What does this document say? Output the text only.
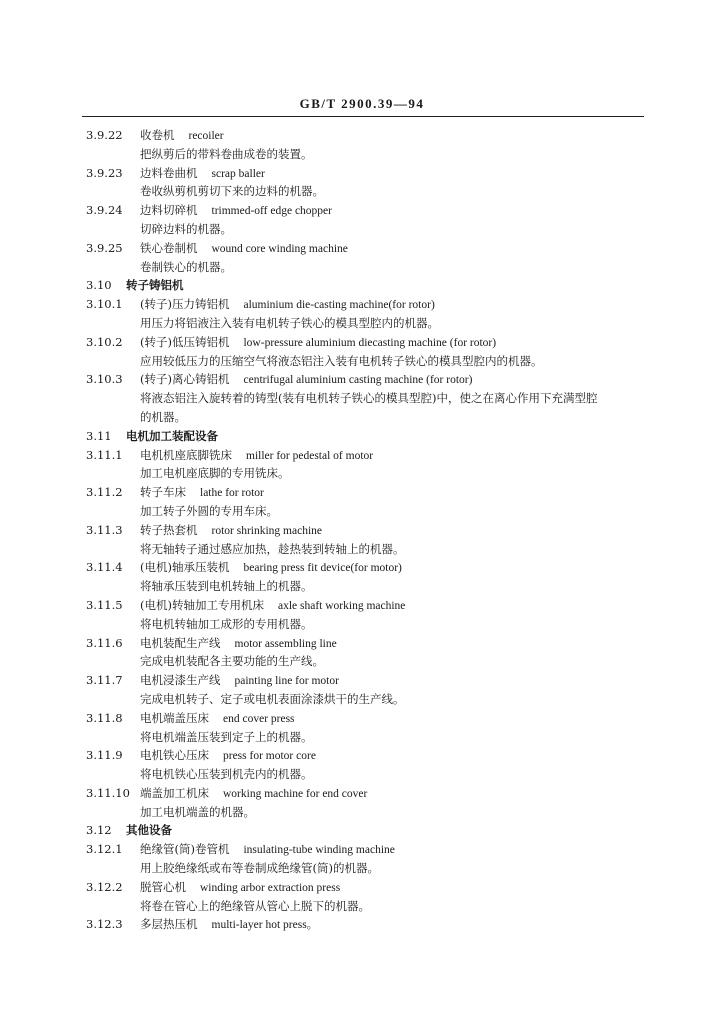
GB/T 2900.39—94
3.9.22 收卷机 recoiler
把纵剪后的带料卷曲成卷的装置。
3.9.23 边料卷曲机 scrap baller
卷收纵剪机剪切下来的边料的机器。
3.9.24 边料切碎机 trimmed-off edge chopper
切碎边料的机器。
3.9.25 铁心卷制机 wound core winding machine
卷制铁心的机器。
3.10 转子铸铝机
3.10.1 (转子)压力铸铝机 aluminium die-casting machine(for rotor)
用压力将铝液注入装有电机转子铁心的模具型腔内的机器。
3.10.2 (转子)低压铸铝机 low-pressure aluminium diecasting machine (for rotor)
应用较低压力的压缩空气将液态铝注入装有电机转子铁心的模具型腔内的机器。
3.10.3 (转子)离心铸铝机 centrifugal aluminium casting machine (for rotor)
将液态铝注入旋转着的铸型(装有电机转子铁心的模具型腔)中，使之在离心作用下充满型腔
的机器。
3.11 电机加工装配设备
3.11.1 电机机座底脚铣床 miller for pedestal of motor
加工电机座底脚的专用铣床。
3.11.2 转子车床 lathe for rotor
加工转子外圆的专用车床。
3.11.3 转子热套机 rotor shrinking machine
将无轴转子通过感应加热，趁热装到转轴上的机器。
3.11.4 (电机)轴承压装机 bearing press fit device(for motor)
将轴承压装到电机转轴上的机器。
3.11.5 (电机)转轴加工专用机床 axle shaft working machine
将电机转轴加工成形的专用机器。
3.11.6 电机装配生产线 motor assembling line
完成电机装配各主要功能的生产线。
3.11.7 电机浸漆生产线 painting line for motor
完成电机转子、定子或电机表面涂漆烘干的生产线。
3.11.8 电机端盖压床 end cover press
将电机端盖压装到定子上的机器。
3.11.9 电机铁心压床 press for motor core
将电机铁心压装到机壳内的机器。
3.11.10 端盖加工机床 working machine for end cover
加工电机端盖的机器。
3.12 其他设备
3.12.1 绝缘管(筒)卷管机 insulating-tube winding machine
用上胶绝缘纸或布等卷制成绝缘管(筒)的机器。
3.12.2 脱管心机 winding arbor extraction press
将卷在管心上的绝缘管从管心上脱下的机器。
3.12.3 多层热压机 multi-layer hot press。
